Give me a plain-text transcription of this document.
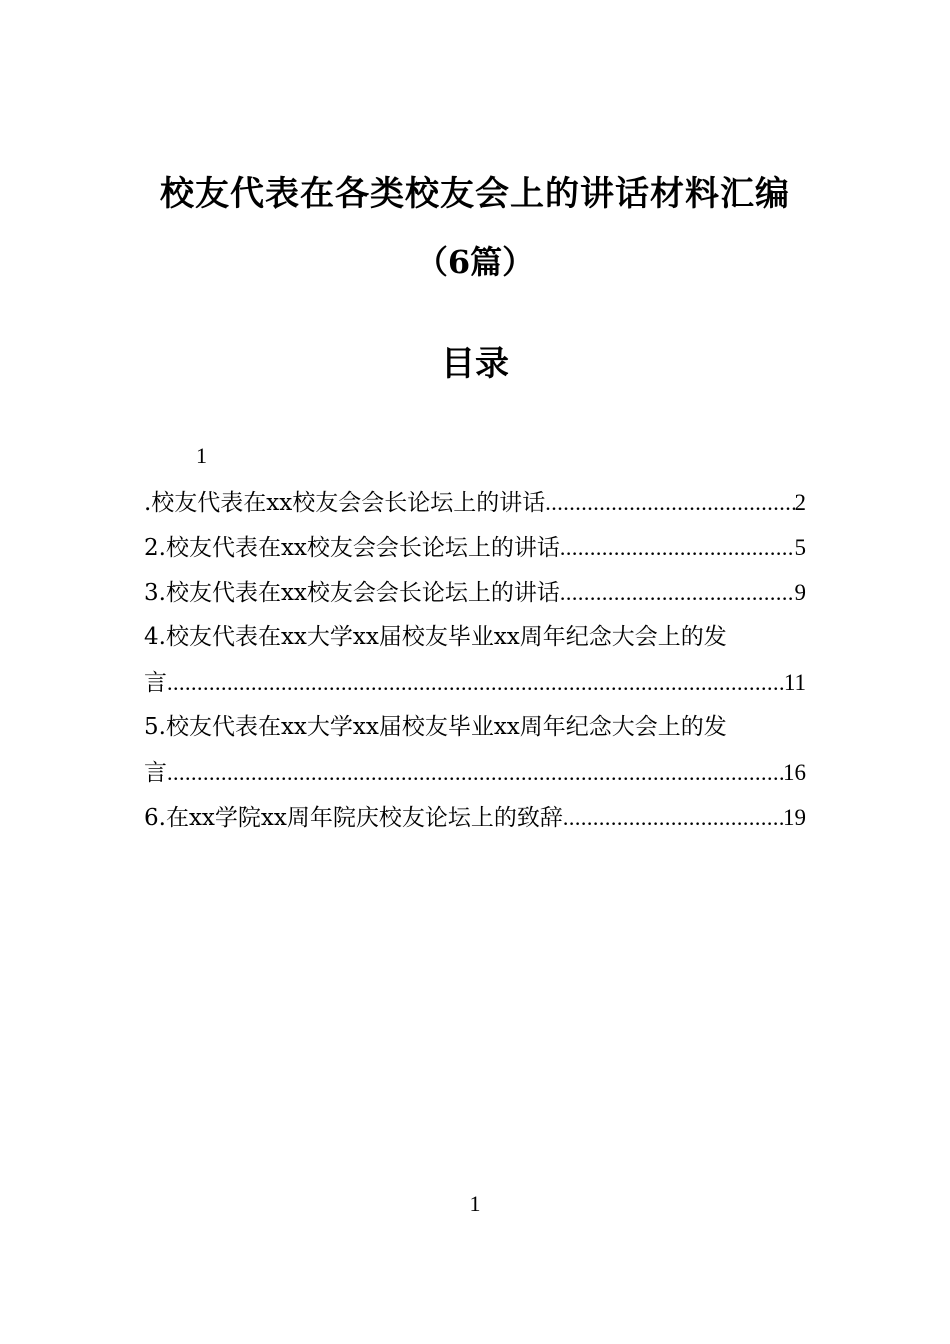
校友代表在各类校友会上的讲话材料汇编
（6篇）
目录
1
.校友代表在xx校友会会长论坛上的讲话 .....	2
2.校友代表在xx校友会会长论坛上的讲话 .....	5
3.校友代表在xx校友会会长论坛上的讲话 .....	9
4.校友代表在xx大学xx届校友毕业xx周年纪念大会上的发
言 .....	11
5.校友代表在xx大学xx届校友毕业xx周年纪念大会上的发
言 .....	16
6.在xx学院xx周年院庆校友论坛上的致辞 .....	19
1
